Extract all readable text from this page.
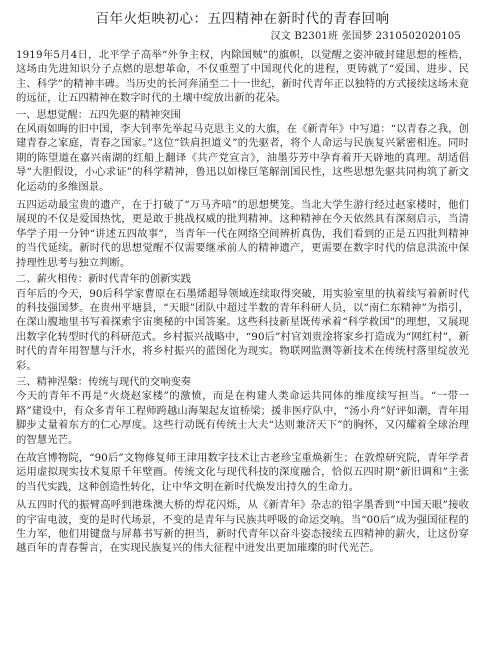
百年火炬映初心：五四精神在新时代的青春回响
汉文 B2301班 张国梦 2310502020105

1919年5月4日，北平学子高举“外争主权，内除国贼”的旗帜，以觉醒之姿冲破封建思想的桎梏，这场由先进知识分子点燃的思想革命，不仅重塑了中国现代化的进程，更铸就了“爱国、进步、民主、科学”的精神丰碑。当历史的长河奔涌至二十一世纪，新时代青年正以独特的方式接续这场未竟的远征，让五四精神在数字时代的土壤中绽放出新的花朵。

一、思想觉醒：五四先驱的精神突围

在风雨如晦的旧中国，李大钊率先举起马克思主义的大旗，在《新青年》中写道：“以青春之我，创建青春之家庭，青春之国家。”这位“铁肩担道义”的先驱者，将个人命运与民族复兴紧密相连。同时期的陈望道在嘉兴南湖的红船上翻译《共产党宣言》，油墨芬芳中孕育着开天辟地的真理。胡适倡导“大胆假设，小心求证”的科学精神，鲁迅以如椽巨笔解剖国民性，这些思想先驱共同构筑了新文化运动的多维图景。

五四运动最宝贵的遗产，在于打破了“万马齐喑”的思想樊笼。当北大学生游行经过赵家楼时，他们展现的不仅是爱国热忱，更是敢于挑战权威的批判精神。这种精神在今天依然具有深刻启示，当清华学子用一分钟“讲述五四故事”，当青年一代在网络空间辨析真伪，我们看到的正是五四批判精神的当代延续。新时代的思想觉醒不仅需要继承前人的精神遗产，更需要在数字时代的信息洪流中保持理性思考与独立判断。

二、薪火相传：新时代青年的创新实践

百年后的今天，90后科学家曹原在石墨烯超导领域连续取得突破，用实验室里的执着续写着新时代的科技强国梦。在贵州平塘县，“天眼”团队中超过半数的青年科研人员，以“南仁东精神”为指引，在深山腹地里书写着探索宇宙奥秘的中国答案。这些科技新星既传承着“科学救国”的理想，又展现出数字化转型时代的科研范式。乡村振兴战略中，“90后”村官刘贵淦将家乡打造成为“网红村”，新时代的青年用智慧与汗水，将乡村振兴的蓝图化为现实。物联网监测等新技术在传统村落里绽放光彩。

三、精神涅槃：传统与现代的交响变奏

今天的青年不再是“火烧赵家楼”的激愤，而是在构建人类命运共同体的维度续写担当。“一带一路”建设中，有众多青年工程师跨越山海架起友谊桥梁；援非医疗队中，“汤小舟”好评如潮，青年用脚步丈量着东方的仁心厚度。这些行动既有传统士大夫“达则兼济天下”的胸怀，又闪耀着全球治理的智慧光芒。

在故宫博物院，“90后”文物修复师王津用数字技术让古老珍宝重焕新生；在敦煌研究院，青年学者运用虚拟现实技术复原千年壁画。传统文化与现代科技的深度融合，恰似五四时期“新旧调和”主张的当代实践，这种创造性转化，让中华文明在新时代焕发出持久的生命力。

从五四时代的振臂高呼到港珠澳大桥的焊花闪烁，从《新青年》杂志的铅字墨香到“中国天眼”接收的宇宙电波，变的是时代场景，不变的是青年与民族共呼吸的命运交响。当“00后”成为强国征程的生力军，他们用键盘与屏幕书写新的担当，新时代青年以奋斗姿态接续五四精神的薪火，让这份穿越百年的青春誓言，在实现民族复兴的伟大征程中迸发出更加璀璨的时代光芒。
